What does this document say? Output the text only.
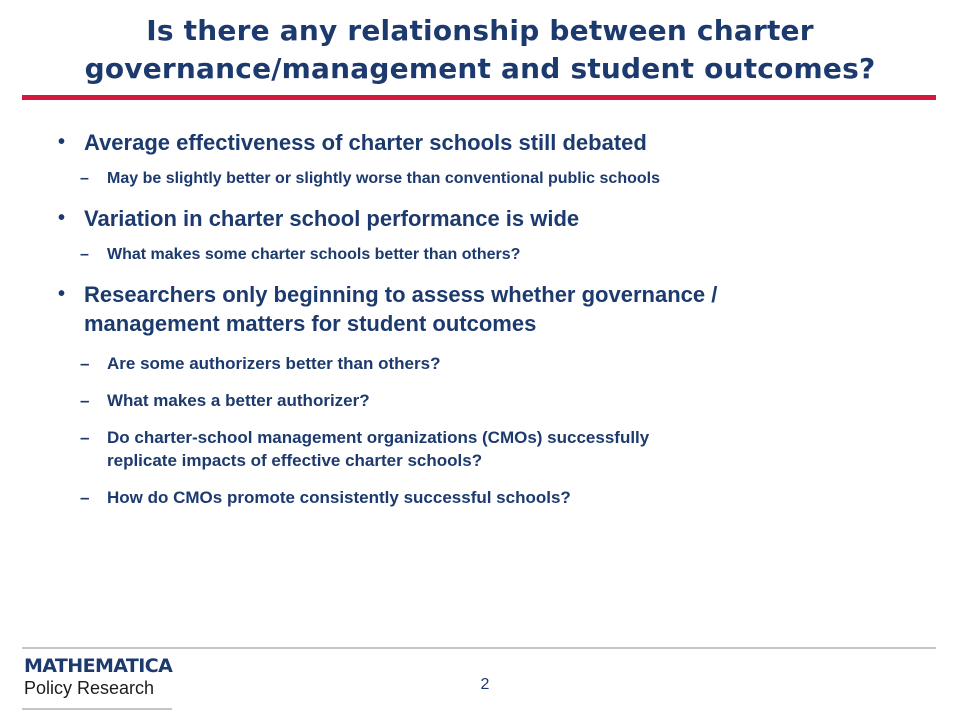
Is there any relationship between charter
governance/management and student outcomes?
• Average effectiveness of charter schools still debated
– May be slightly better or slightly worse than conventional public schools
• Variation in charter school performance is wide
– What makes some charter schools better than others?
• Researchers only beginning to assess whether governance /
management matters for student outcomes
– Are some authorizers better than others?
– What makes a better authorizer?
– Do charter-school management organizations (CMOs) successfully
replicate impacts of effective charter schools?
– How do CMOs promote consistently successful schools?
MATHEMATICA
Policy Research	2
